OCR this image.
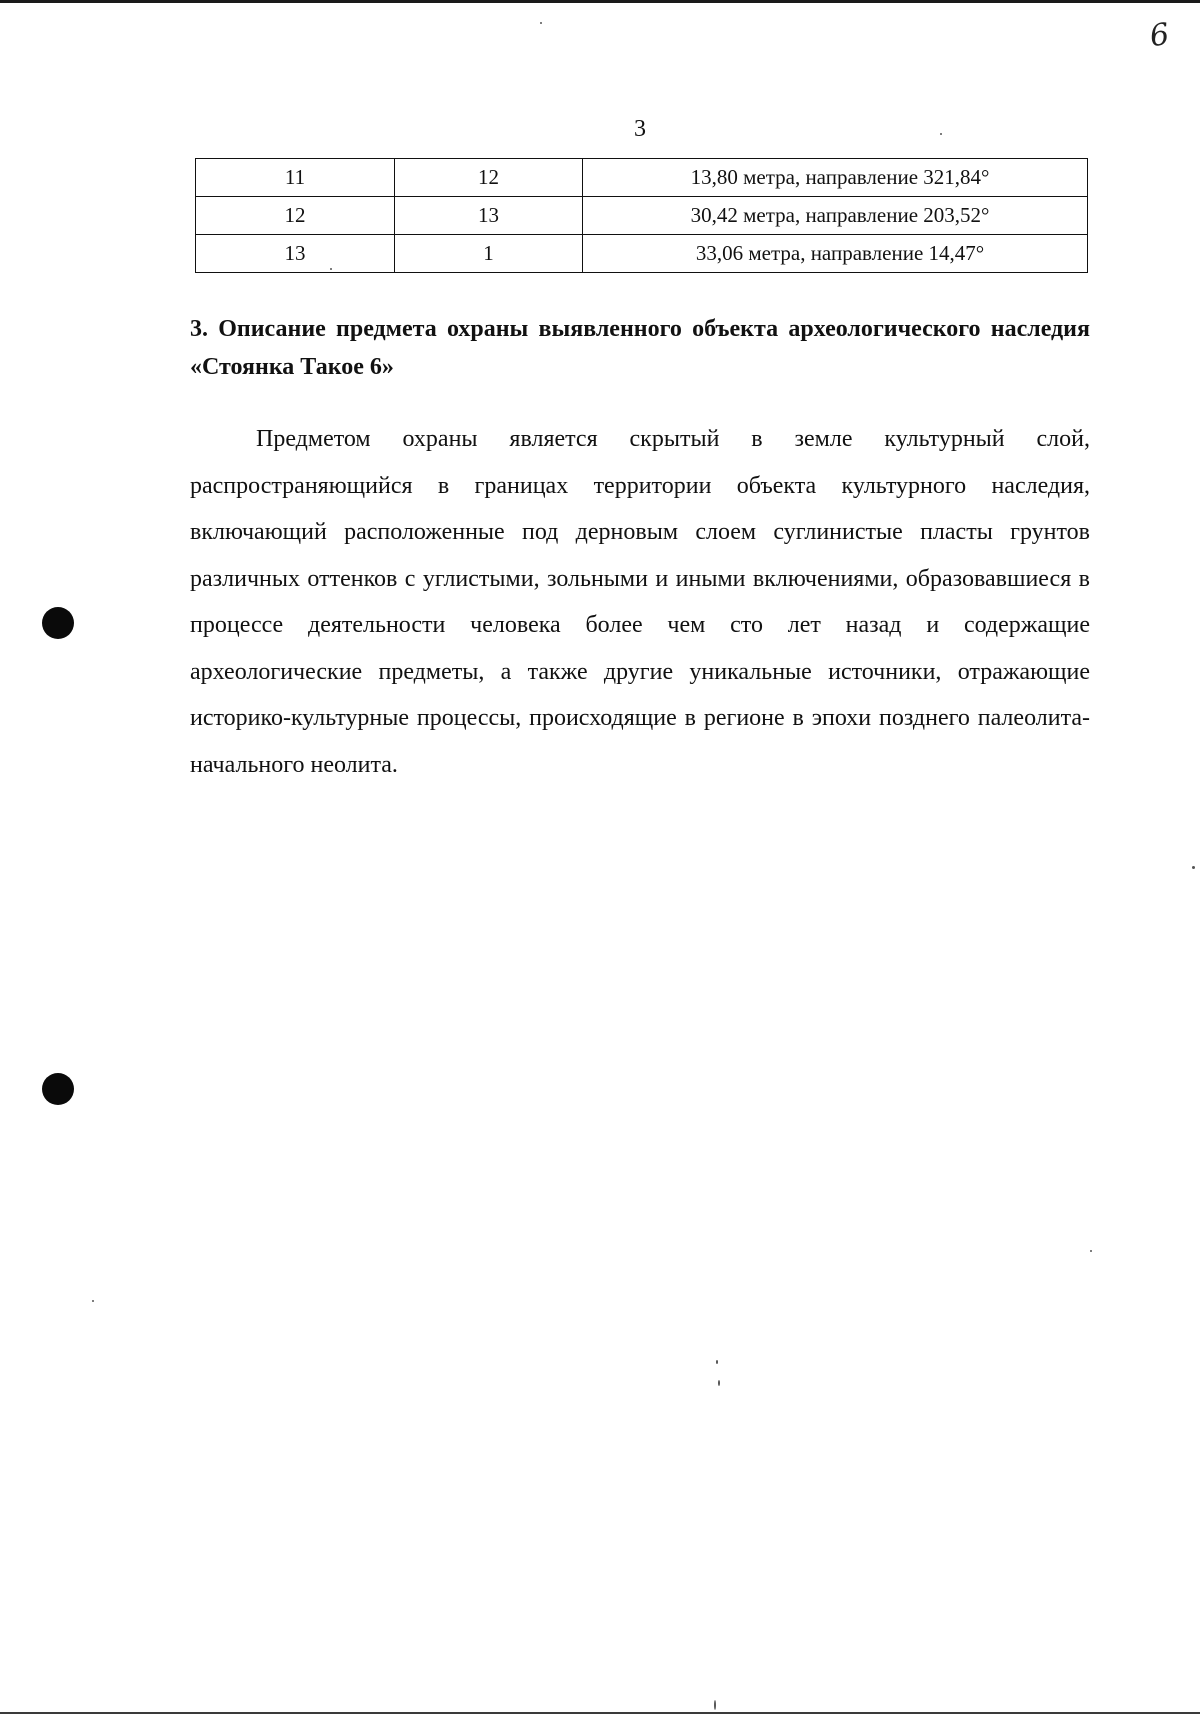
6
3
11	12	13,80 метра, направление 321,84°
12	13	30,42 метра, направление 203,52°
13	1	33,06 метра, направление 14,47°
3. Описание предмета охраны выявленного объекта археологического наследия «Стоянка Такое 6»
Предметом охраны является скрытый в земле культурный слой, распространяющийся в границах территории объекта культурного наследия, включающий расположенные под дерновым слоем суглинистые пласты грунтов различных оттенков с углистыми, зольными и иными включениями, образовавшиеся в процессе деятельности человека более чем сто лет назад и содержащие археологические предметы, а также другие уникальные источники, отражающие историко-культурные процессы, происходящие в регионе в эпохи позднего палеолита-начального неолита.
